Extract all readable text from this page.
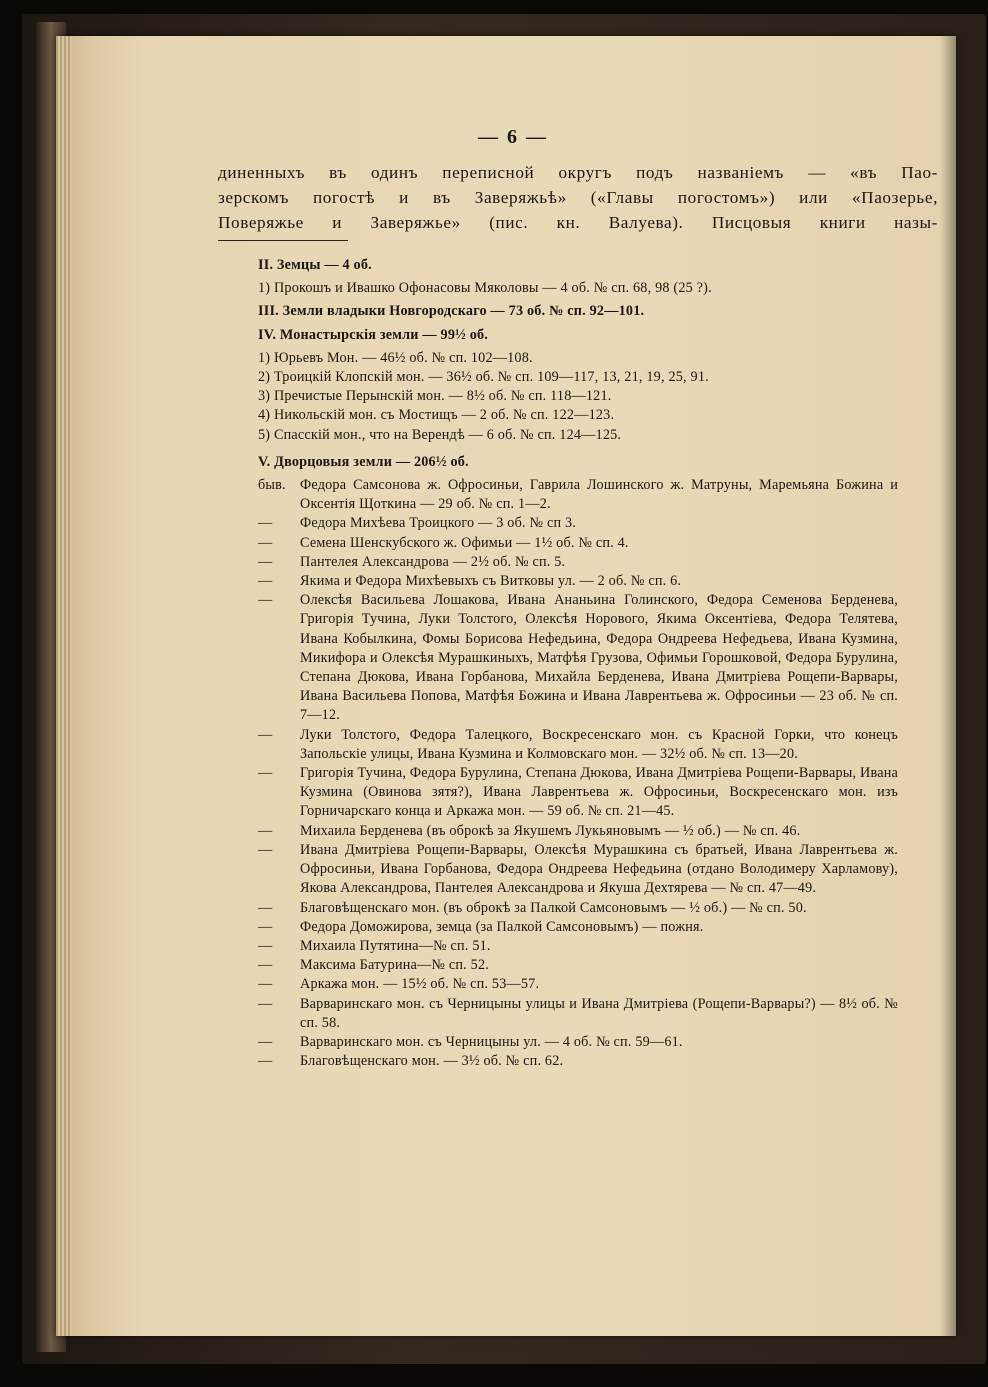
— 6 —
диненныхъ въ одинъ переписной округъ подъ названіемъ — «въ Пао-
зерскомъ погостѣ и въ Заверяжьѣ» («Главы погостомъ») или «Паозерье,
Поверяжье и Заверяжье» (пис. кн. Валуева). Писцовыя книги назы-
II. Земцы — 4 об.
1) Прокошъ и Ивашко Офонасовы Мяколовы — 4 об. № сп. 68, 98 (25 ?).
III. Земли владыки Новгородскаго — 73 об. № сп. 92—101.
IV. Монастырскія земли — 99½ об.
1) Юрьевъ Мон. — 46½ об. № сп. 102—108.
2) Троицкій Клопскій мон. — 36½ об. № сп. 109—117, 13, 21, 19, 25, 91.
3) Пречистые Перынскій мон. — 8½ об. № сп. 118—121.
4) Никольскій мон. съ Мостищъ — 2 об. № сп. 122—123.
5) Спасскій мон., что на Верендѣ — 6 об. № сп. 124—125.
V. Дворцовыя земли — 206½ об.
быв.	Федора Самсонова ж. Офросиньи, Гаврила Лошинского ж. Матруны, Маремьяна Божина и Оксентія Щоткина — 29 об. № сп. 1—2.
—	Федора Михѣева Троицкого — 3 об. № сп 3.
—	Семена Шенскубского ж. Офимьи — 1½ об. № сп. 4.
—	Пантелея Александрова — 2½ об. № сп. 5.
—	Якима и Федора Михѣевыхъ съ Витковы ул. — 2 об. № сп. 6.
—	Олексѣя Васильева Лошакова, Ивана Ананьина Голинского, Федора Семенова Берденева, Григорія Тучина, Луки Толстого, Олексѣя Норового, Якима Оксентіева, Федора Телятева, Ивана Кобылкина, Фомы Борисова Нефедьина, Федора Ондреева Нефедьева, Ивана Кузмина, Микифора и Олексѣя Мурашкиныхъ, Матфѣя Грузова, Офимьи Горошковой, Федора Бурулина, Степана Дюкова, Ивана Горбанова, Михайла Берденева, Ивана Дмитріева Рощепи-Варвары, Ивана Васильева Попова, Матфѣя Божина и Ивана Лаврентьева ж. Офросиньи — 23 об. № сп. 7—12.
—	Луки Толстого, Федора Талецкого, Воскресенскаго мон. съ Красной Горки, что конецъ Запольскіе улицы, Ивана Кузмина и Колмовскаго мон. — 32½ об. № сп. 13—20.
—	Григорія Тучина, Федора Бурулина, Степана Дюкова, Ивана Дмитріева Рощепи-Варвары, Ивана Кузмина (Овинова зятя?), Ивана Лаврентьева ж. Офросиньи, Воскресенскаго мон. изъ Горничарскаго конца и Аркажа мон. — 59 об. № сп. 21—45.
—	Михаила Берденева (въ оброкѣ за Якушемъ Лукьяновымъ — ½ об.) — № сп. 46.
—	Ивана Дмитріева Рощепи-Варвары, Олексѣя Мурашкина съ братьей, Ивана Лаврентьева ж. Офросиньи, Ивана Горбанова, Федора Ондреева Нефедьина (отдано Володимеру Харламову), Якова Александрова, Пантелея Александрова и Якуша Дехтярева — № сп. 47—49.
—	Благовѣщенскаго мон. (въ оброкѣ за Палкой Самсоновымъ — ½ об.) — № сп. 50.
—	Федора Доможирова, земца (за Палкой Самсоновымъ) — пожня.
—	Михаила Путятина—№ сп. 51.
—	Максима Батурина—№ сп. 52.
—	Аркажа мон. — 15½ об. № сп. 53—57.
—	Варваринскаго мон. съ Черницыны улицы и Ивана Дмитріева (Рощепи-Варвары?) — 8½ об. № сп. 58.
—	Варваринскаго мон. съ Черницыны ул. — 4 об. № сп. 59—61.
—	Благовѣщенскаго мон. — 3½ об. № сп. 62.
